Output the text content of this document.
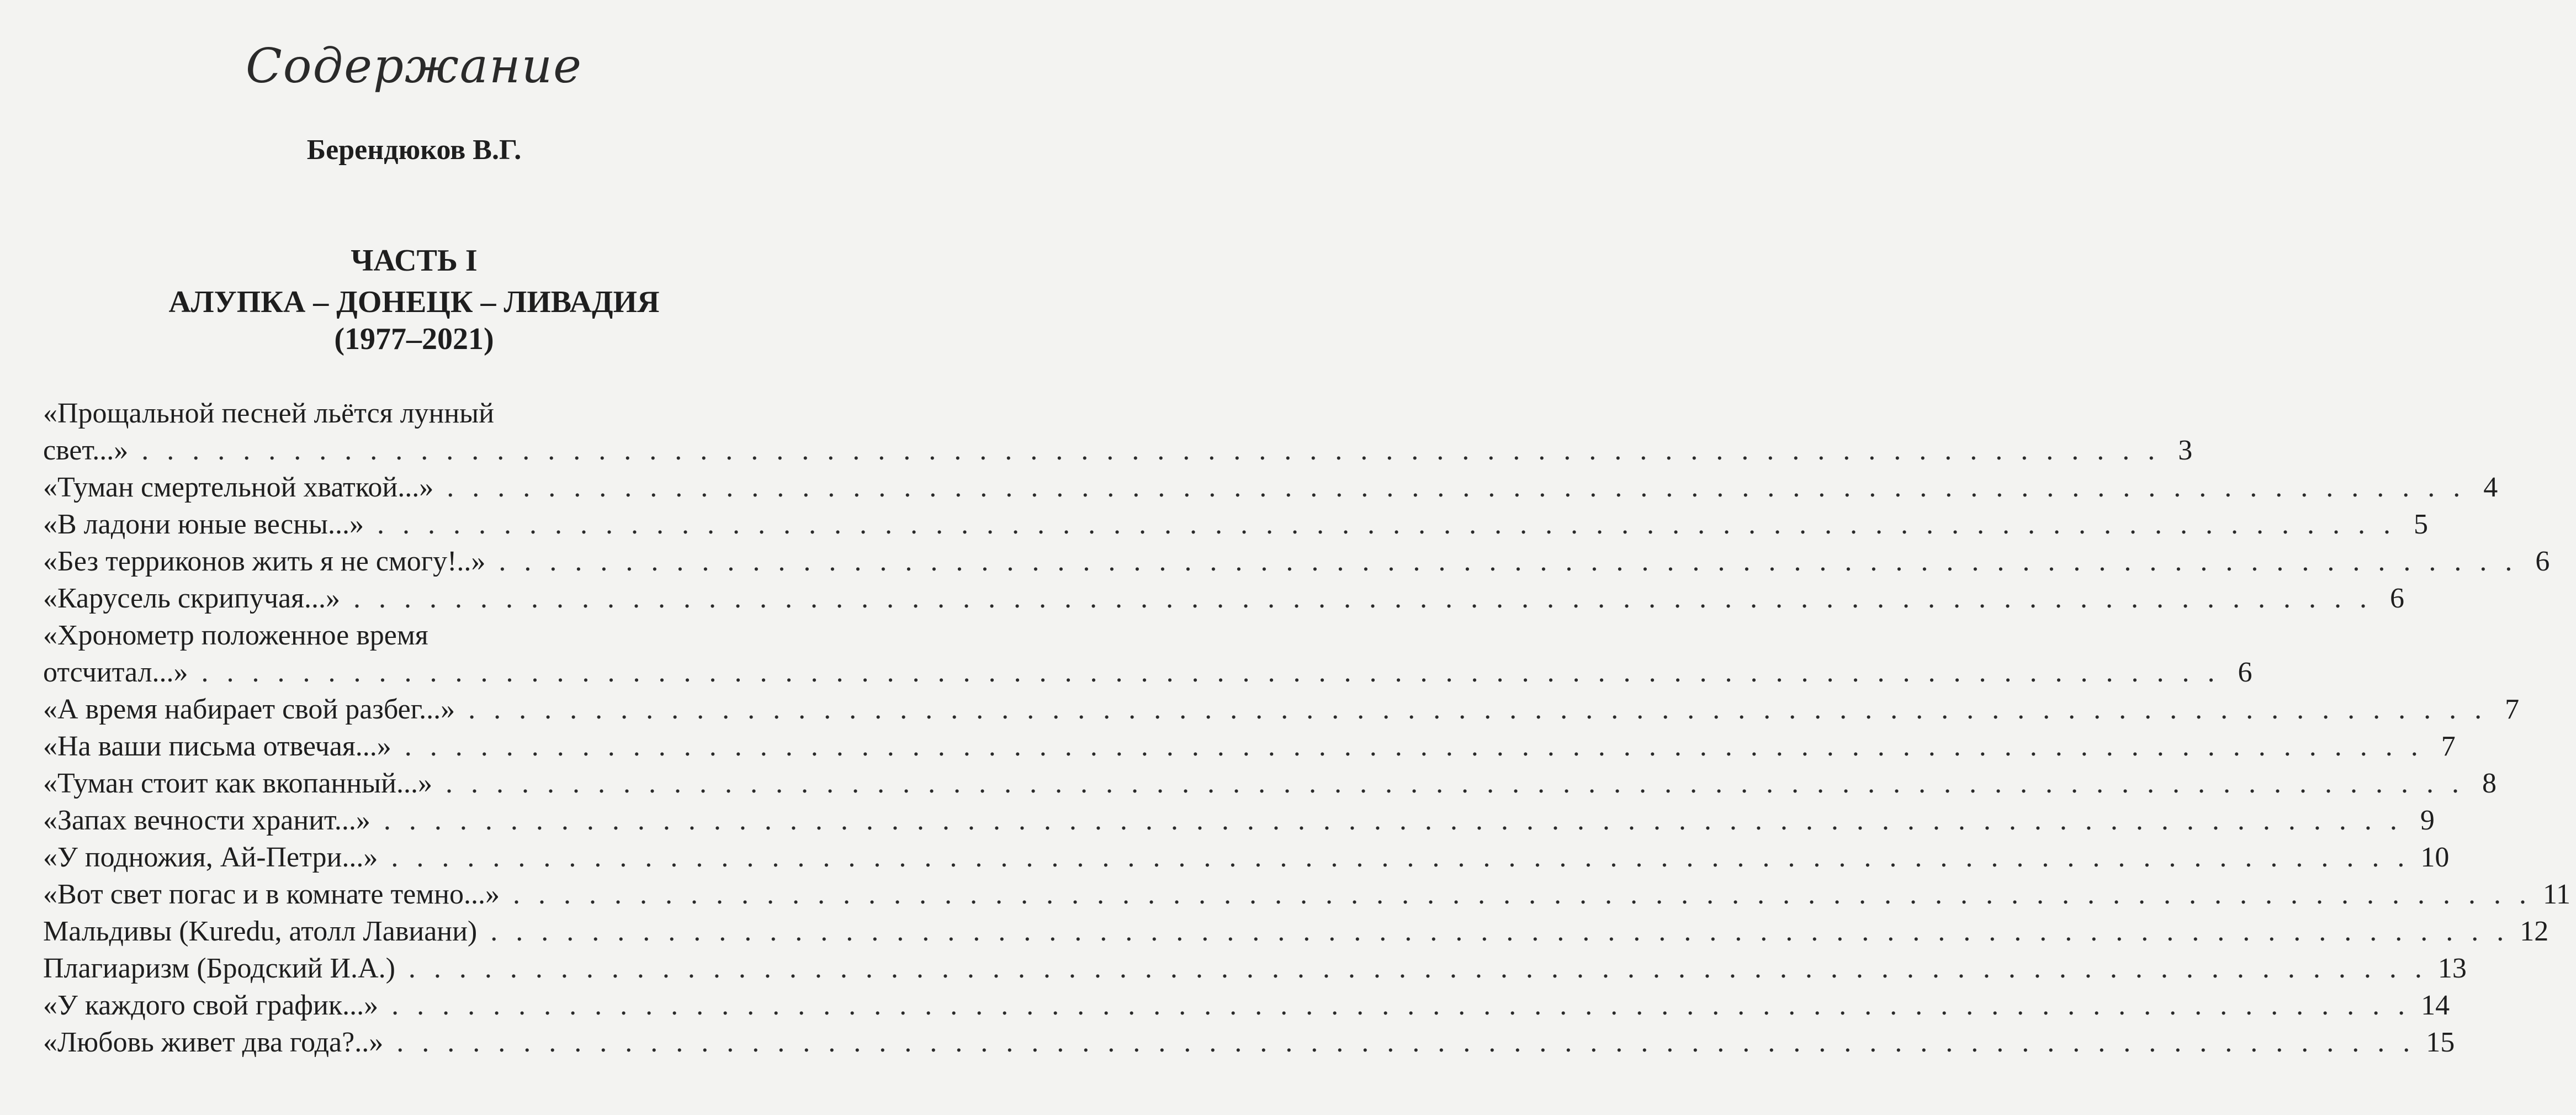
Содержание
Берендюков В.Г.
ЧАСТЬ I
АЛУПКА – ДОНЕЦК – ЛИВАДИЯ
(1977–2021)
«Прощальной песней льётся лунный
свет...» . . . . . . . . . . . . . . . . . . . . . . . . . . . . . . . . . . . . . . . . . . . . . . . . . . . . . . . . . . . . . . . . . . . . . . . . . . . . . . . . 3
«Туман смертельной хваткой...» . . . . . . . . . . . . . . . . . . . . . . . . . . . . . . . . . . . . . . . . . . . . . . . . . . . . . . . . . . . . . . . . . . . . . . . . . . . . . . . . 4
«В ладони юные весны...» . . . . . . . . . . . . . . . . . . . . . . . . . . . . . . . . . . . . . . . . . . . . . . . . . . . . . . . . . . . . . . . . . . . . . . . . . . . . . . . . 5
«Без терриконов жить я не смогу!..» . . . . . . . . . . . . . . . . . . . . . . . . . . . . . . . . . . . . . . . . . . . . . . . . . . . . . . . . . . . . . . . . . . . . . . . . . . . . . . . . 6
«Карусель скрипучая...» . . . . . . . . . . . . . . . . . . . . . . . . . . . . . . . . . . . . . . . . . . . . . . . . . . . . . . . . . . . . . . . . . . . . . . . . . . . . . . . . 6
«Хронометр положенное время
отсчитал...» . . . . . . . . . . . . . . . . . . . . . . . . . . . . . . . . . . . . . . . . . . . . . . . . . . . . . . . . . . . . . . . . . . . . . . . . . . . . . . . . 6
«А время набирает свой разбег...» . . . . . . . . . . . . . . . . . . . . . . . . . . . . . . . . . . . . . . . . . . . . . . . . . . . . . . . . . . . . . . . . . . . . . . . . . . . . . . . . 7
«На ваши письма отвечая...» . . . . . . . . . . . . . . . . . . . . . . . . . . . . . . . . . . . . . . . . . . . . . . . . . . . . . . . . . . . . . . . . . . . . . . . . . . . . . . . . 7
«Туман стоит как вкопанный...» . . . . . . . . . . . . . . . . . . . . . . . . . . . . . . . . . . . . . . . . . . . . . . . . . . . . . . . . . . . . . . . . . . . . . . . . . . . . . . . . 8
«Запах вечности хранит...» . . . . . . . . . . . . . . . . . . . . . . . . . . . . . . . . . . . . . . . . . . . . . . . . . . . . . . . . . . . . . . . . . . . . . . . . . . . . . . . . 9
«У подножия, Ай-Петри...» . . . . . . . . . . . . . . . . . . . . . . . . . . . . . . . . . . . . . . . . . . . . . . . . . . . . . . . . . . . . . . . . . . . . . . . . . . . . . . . . 10
«Вот свет погас и в комнате темно...» . . . . . . . . . . . . . . . . . . . . . . . . . . . . . . . . . . . . . . . . . . . . . . . . . . . . . . . . . . . . . . . . . . . . . . . . . . . . . . . . 11
Мальдивы (Kuredu, атолл Лавиани) . . . . . . . . . . . . . . . . . . . . . . . . . . . . . . . . . . . . . . . . . . . . . . . . . . . . . . . . . . . . . . . . . . . . . . . . . . . . . . . . 12
Плагиаризм (Бродский И.А.) . . . . . . . . . . . . . . . . . . . . . . . . . . . . . . . . . . . . . . . . . . . . . . . . . . . . . . . . . . . . . . . . . . . . . . . . . . . . . . . . 13
«У каждого свой график...» . . . . . . . . . . . . . . . . . . . . . . . . . . . . . . . . . . . . . . . . . . . . . . . . . . . . . . . . . . . . . . . . . . . . . . . . . . . . . . . . 14
«Любовь живет два года?..» . . . . . . . . . . . . . . . . . . . . . . . . . . . . . . . . . . . . . . . . . . . . . . . . . . . . . . . . . . . . . . . . . . . . . . . . . . . . . . . . 15
